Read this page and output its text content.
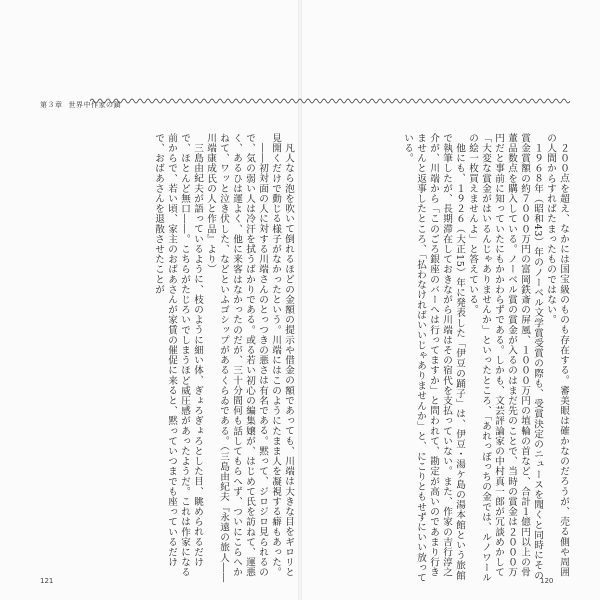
第３章 世界中作家の鎮

２００点を超え、なかには国宝級のものも存在する。審美眼は確かなのだろうが、売る側や周囲の人間からすればたまったものではない。

１９６８年（昭和43）年のノーベル文学賞受賞の際も、受賞決定のニュースを聞くと同時にその賞金賞額の約７０００万円の富岡鉄斎の屏風、１０００万円の埴輪の首など、合計１億円以上の骨董品数点を購入している。ノーベル賞の賞金が入るのはまだ先のことで、当時の賞金は２０００万円だと事前に知っていたにもかかわらずである。しかも、文芸評論家の中村真一郎が冗談めかして「大変な賞金がはいるんじゃありませんか」といったところ、「あれっぽっちの金では、ルノワールの絵一枚買えませんよ」と答えている。

他にも、１９２６（大正15）年に発表した「伊豆の踊子」は、伊豆・湯ケ島の湯本館という旅館で執筆したが、長期滞在しておきながら川端はその宿代を支払っていない。また、作家の吉行淳之介が、川端から「このごろ銀座のバーへは行ってますか」と問われて、勘定が高いのであまり行きませんと返事したところ、「払わなければいいじゃありませんか」と、にこりともせずにいい放っている。

凡人なら泡を吹いて倒れるほどの金額の提示や借金の額であっても、川端は大きな目をギロリと見開くだけで動じる様子がなかったという。川端にはこのようにたまま人を凝視する癖もあった。

――初対面の人に対する川端さんのとっつきの悪さは有名である。黙って、ジロジロ見られるので、気の弱い人は冷汗を拭うばかりである。或る若い初心の編集嬢が、はじめて氏を訪ねて、運悪く、あるひは運よく、他に来客はなかったのだが、三十分間何も話してもらへず、ついにこらへかねて、ワッと泣き伏した、などといふゴシップがあるくらゐである。（三島由紀夫『永遠の旅人――川端康成氏の人と作品』より）

三島由紀夫が語っているように、枝のように細い体、ぎょろぎょろとした目、眺められるだけで、ほとんど無口――。こちらがたじろいでしまうほど威圧感があったようだ。これは作家になる前からで、若い頃、家主のおばあさんが家賃の催促に来ると、黙っていつまでも座っているだけで、おばあさんを退散させたことが

121	120
